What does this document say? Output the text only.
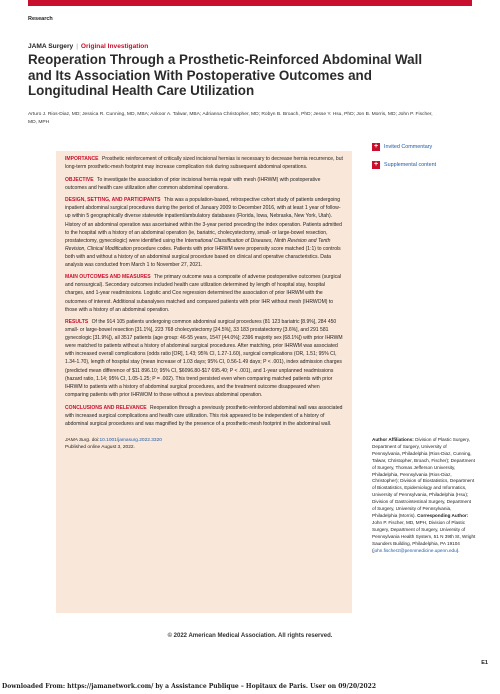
Research
JAMA Surgery | Original Investigation
Reoperation Through a Prosthetic-Reinforced Abdominal Wall and Its Association With Postoperative Outcomes and Longitudinal Health Care Utilization

Arturo J. Rios-Diaz, MD; Jessica R. Cunning, MD, MBA; Ankoor A. Talwar, MBA; Adrianna Christopher, MD; Robyn B. Broach, PhD; Jesse Y. Hsu, PhD; Jon B. Morris, MD; John P. Fischer, MD, MPH

+	Invited Commentary
+	Supplemental content

IMPORTANCE Prosthetic reinforcement of critically sized incisional hernias is necessary to decrease hernia recurrence, but long-term prosthetic-mesh footprint may increase complication risk during subsequent abdominal operations.

OBJECTIVE To investigate the association of prior incisional hernia repair with mesh (IHRWM) with postoperative outcomes and health care utilization after common abdominal operations.

DESIGN, SETTING, AND PARTICIPANTS This was a population-based, retrospective cohort study of patients undergoing inpatient abdominal surgical procedures during the period of January 2009 to December 2016, with at least 1 year of follow-up within 5 geographically diverse statewide inpatient/ambulatory databases (Florida, Iowa, Nebraska, New York, Utah). History of an abdominal operation was ascertained within the 3-year period preceding the index operation. Patients admitted to the hospital with a history of an abdominal operation (ie, bariatric, cholecystectomy, small- or large-bowel resection, prostatectomy, gynecologic) were identified using the International Classification of Diseases, Ninth Revision and Tenth Revision, Clinical Modification procedure codes. Patients with prior IHRWM were propensity score matched (1:1) to controls both with and without a history of an abdominal surgical procedure based on clinical and operative characteristics. Data analysis was conducted from March 1 to November 27, 2021.

MAIN OUTCOMES AND MEASURES The primary outcome was a composite of adverse postoperative outcomes (surgical and nonsurgical). Secondary outcomes included health care utilization determined by length of hospital stay, hospital charges, and 1-year readmissions. Logistic and Cox regression determined the association of prior IHRWM with the outcomes of interest. Additional subanalyses matched and compared patients with prior IHR without mesh (IHRWOM) to those with a history of an abdominal operation.

RESULTS Of the 914 105 patients undergoing common abdominal surgical procedures (81 123 bariatric [8.9%], 284 450 small- or large-bowel resection [31.1%], 223 768 cholecystectomy [24.5%], 33 183 prostatectomy [3.6%], and 291 581 gynecologic [31.9%]), all 3517 patients (age group: 46-55 years, 1547 [44.0%]; 2396 majority sex [68.1%]) with prior IHRWM were matched to patients without a history of abdominal surgical procedures. After matching, prior IHRWM was associated with increased overall complications (odds ratio [OR], 1.43; 95% CI, 1.27-1.60), surgical complications (OR, 1.51; 95% CI, 1.34-1.70), length of hospital stay (mean increase of 1.03 days; 95% CI, 0.56-1.49 days; P < .001), index admission charges (predicted mean difference of $11 896.10; 95% CI, $6096.80-$17 695.40; P < .001), and 1-year unplanned readmissions (hazard ratio, 1.14; 95% CI, 1.05-1.25; P = .002). This trend persisted even when comparing matched patients with prior IHRWM to patients with a history of abdominal surgical procedures, and the treatment outcome disappeared when comparing patients with prior IHRWOM to those without a previous abdominal operation.

CONCLUSIONS AND RELEVANCE Reoperation through a previously prosthetic-reinforced abdominal wall was associated with increased surgical complications and health care utilization. This risk appeared to be independent of a history of abdominal surgical procedures and was magnified by the presence of a prosthetic-mesh footprint in the abdominal wall.

JAMA Surg. doi:10.1001/jamasurg.2022.3320
Published online August 3, 2022.

Author Affiliations: Division of Plastic Surgery, Department of Surgery, University of Pennsylvania, Philadelphia (Rios-Diaz, Cunning, Talwar, Christopher, Broach, Fischer); Department of Surgery, Thomas Jefferson University, Philadelphia, Pennsylvania (Rios-Diaz, Christopher); Division of Biostatistics, Department of Biostatistics, Epidemiology and Informatics, University of Pennsylvania, Philadelphia (Hsu); Division of Gastrointestinal Surgery, Department of Surgery, University of Pennsylvania, Philadelphia (Morris). Corresponding Author: John P. Fischer, MD, MPH, Division of Plastic Surgery, Department of Surgery, University of Pennsylvania Health System, 51 N 39th St, Wright Saunders Building, Philadelphia, PA 19104 (john.fischer2@pennmedicine.upenn.edu).

© 2022 American Medical Association. All rights reserved.
E1
Downloaded From: https://jamanetwork.com/ by a Assistance Publique – Hopitaux de Paris. User on 09/20/2022
